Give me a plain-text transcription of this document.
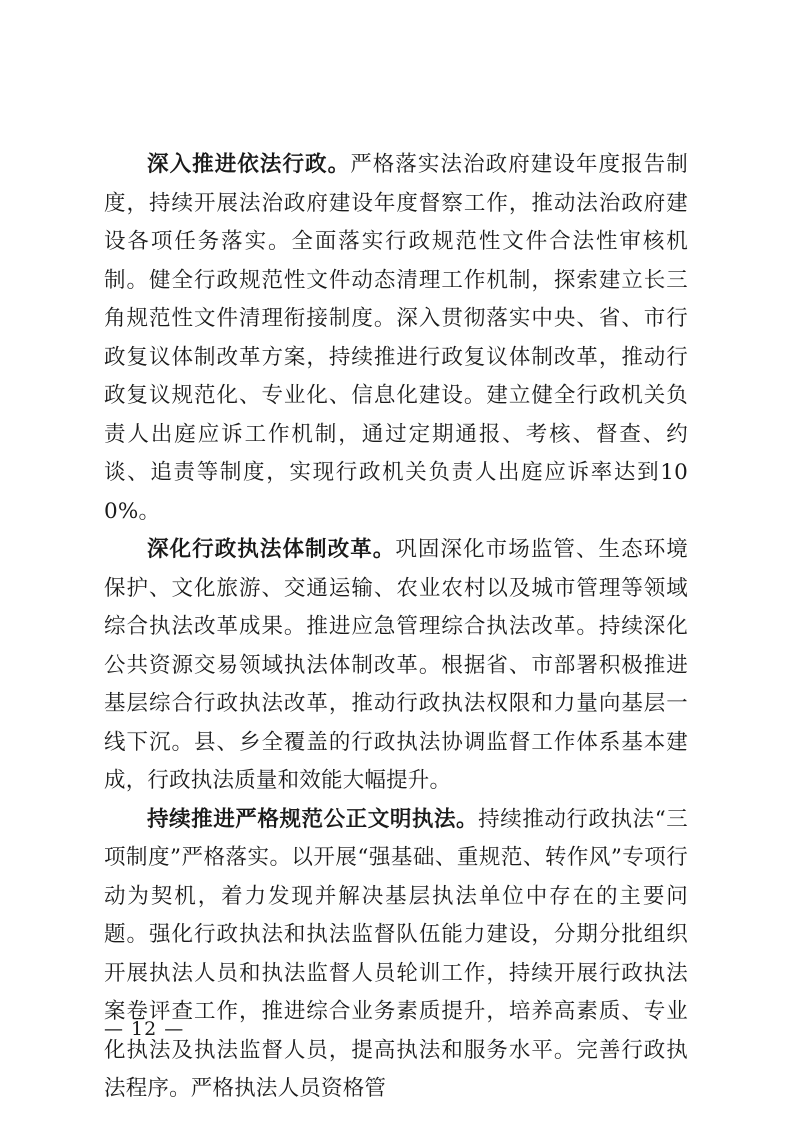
深入推进依法行政。严格落实法治政府建设年度报告制度，持续开展法治政府建设年度督察工作，推动法治政府建设各项任务落实。全面落实行政规范性文件合法性审核机制。健全行政规范性文件动态清理工作机制，探索建立长三角规范性文件清理衔接制度。深入贯彻落实中央、省、市行政复议体制改革方案，持续推进行政复议体制改革，推动行政复议规范化、专业化、信息化建设。建立健全行政机关负责人出庭应诉工作机制，通过定期通报、考核、督查、约谈、追责等制度，实现行政机关负责人出庭应诉率达到100%。

深化行政执法体制改革。巩固深化市场监管、生态环境保护、文化旅游、交通运输、农业农村以及城市管理等领域综合执法改革成果。推进应急管理综合执法改革。持续深化公共资源交易领域执法体制改革。根据省、市部署积极推进基层综合行政执法改革，推动行政执法权限和力量向基层一线下沉。县、乡全覆盖的行政执法协调监督工作体系基本建成，行政执法质量和效能大幅提升。

持续推进严格规范公正文明执法。持续推动行政执法“三项制度”严格落实。以开展“强基础、重规范、转作风”专项行动为契机，着力发现并解决基层执法单位中存在的主要问题。强化行政执法和执法监督队伍能力建设，分期分批组织开展执法人员和执法监督人员轮训工作，持续开展行政执法案卷评查工作，推进综合业务素质提升，培养高素质、专业化执法及执法监督人员，提高执法和服务水平。完善行政执法程序。严格执法人员资格管

— 12 —
